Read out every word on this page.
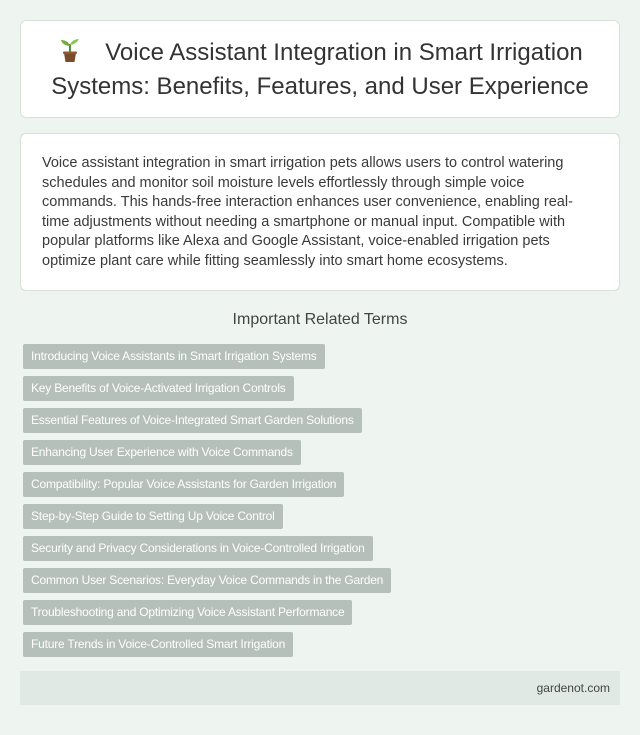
Voice Assistant Integration in Smart Irrigation Systems: Benefits, Features, and User Experience

Voice assistant integration in smart irrigation pets allows users to control watering schedules and monitor soil moisture levels effortlessly through simple voice commands. This hands-free interaction enhances user convenience, enabling real-time adjustments without needing a smartphone or manual input. Compatible with popular platforms like Alexa and Google Assistant, voice-enabled irrigation pets optimize plant care while fitting seamlessly into smart home ecosystems.

Important Related Terms
Introducing Voice Assistants in Smart Irrigation Systems
Key Benefits of Voice-Activated Irrigation Controls
Essential Features of Voice-Integrated Smart Garden Solutions
Enhancing User Experience with Voice Commands
Compatibility: Popular Voice Assistants for Garden Irrigation
Step-by-Step Guide to Setting Up Voice Control
Security and Privacy Considerations in Voice-Controlled Irrigation
Common User Scenarios: Everyday Voice Commands in the Garden
Troubleshooting and Optimizing Voice Assistant Performance
Future Trends in Voice-Controlled Smart Irrigation
gardenot.com
